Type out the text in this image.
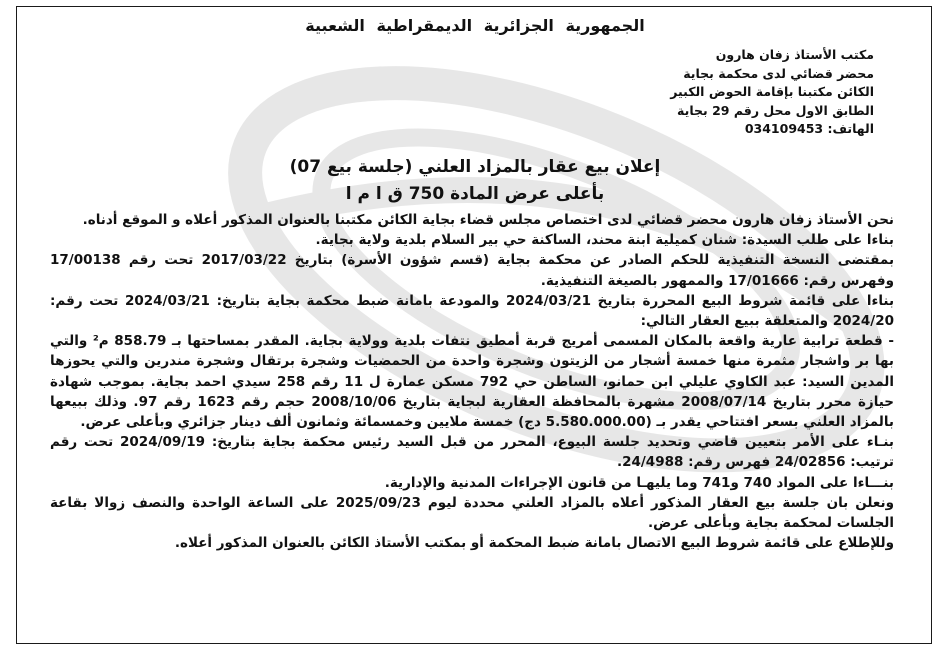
الجمهورية الجزائرية الديمقراطية الشعبية
مكتب الأستاذ زفان هارون
محضر قضائي لدى محكمة بجاية
الكائن مكتبنا بإقامة الحوض الكبير
الطابق الاول محل رقم 29 بجاية
الهاتف: 034109453
إعلان بيع عقار بالمزاد العلني (جلسة بيع 07)
بأعلى عرض المادة 750 ق ا م ا

نحن الأستاذ زفان هارون محضر قضائي لدى اختصاص مجلس قضاء بجاية الكائن مكتبنا بالعنوان المذكور أعلاه و الموقع أدناه.

بناءا على طلب السيدة: شنان كميلية ابنة محند، الساكنة حي بير السلام بلدية ولاية بجاية.

بمقتضى النسخة التنفيذية للحكم الصادر عن محكمة بجاية (قسم شؤون الأسرة) بتاريخ 2017/03/22 تحت رقم 17/00138 وفهرس رقم: 17/01666 والممهور بالصيغة التنفيذية.

بناءا على قائمة شروط البيع المحررة بتاريخ 2024/03/21 والمودعة بامانة ضبط محكمة بجاية بتاريخ: 2024/03/21 تحت رقم: 2024/20 والمتعلقة ببيع العقار التالي:

- قطعة ترابية عارية واقعة بالمكان المسمى أمريج قربة أمطيق نتفات بلدية وولاية بجاية. المقدر بمساحتها بـ 858.79 م² والتي بها بر واشجار مثمرة منها خمسة أشجار من الزيتون وشجرة واحدة من الحمضيات وشجرة برتقال وشجرة مندرين والتي يحوزها المدين السيد: عبد الكاوي عليلي ابن حمانو، الساطن حي 792 مسكن عمارة ل 11 رقم 258 سيدي احمد بجاية. بموجب شهادة حيازة محرر بتاريخ 2008/07/14 مشهرة بالمحافظة العقارية لبجاية بتاريخ 2008/10/06 حجم رقم 1623 رقم 97. وذلك ببيعها بالمزاد العلني بسعر افتتاحي يقدر بـ (5.580.000.00 دج) خمسة ملايين وخمسمائة وثمانون ألف دينار جزائري وبأعلى عرض.

بنـاء على الأمر بتعيين قاضي وتحديد جلسة البيوع، المحرر من قبل السيد رئيس محكمة بجاية بتاريخ: 2024/09/19 تحت رقم ترتيب: 24/02856 فهرس رقم: 24/4988.

بنـــاءا على المواد 740 و741 وما يليهـا من قانون الإجراءات المدنية والإدارية.

ونعلن بان جلسة بيع العقار المذكور أعلاه بالمزاد العلني محددة ليوم 2025/09/23 على الساعة الواحدة والنصف زوالا بقاعة الجلسات لمحكمة بجاية وبأعلى عرض.

وللإطلاع على قائمة شروط البيع الاتصال بامانة ضبط المحكمة أو بمكتب الأستاذ الكائن بالعنوان المذكور أعلاه.
